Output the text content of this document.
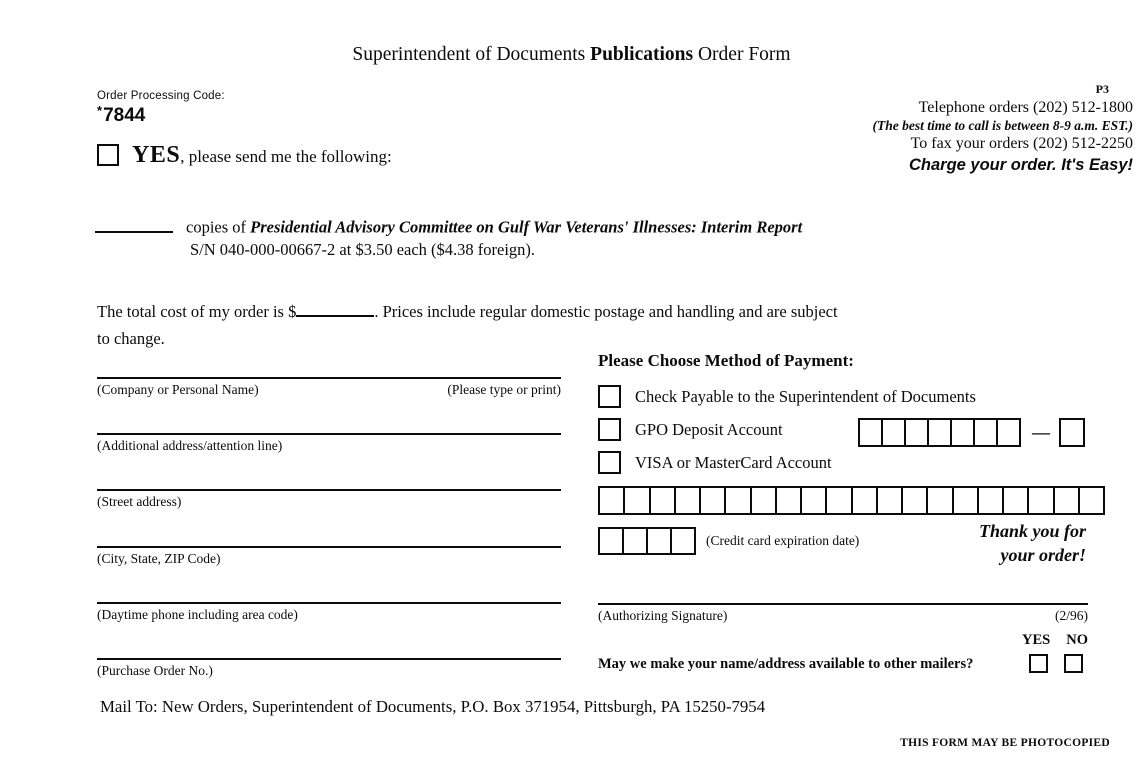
Superintendent of Documents Publications Order Form
Order Processing Code:
*7844
P3
Telephone orders (202) 512-1800
(The best time to call is between 8-9 a.m. EST.)
To fax your orders (202) 512-2250
Charge your order. It's Easy!
YES, please send me the following:
copies of Presidential Advisory Committee on Gulf War Veterans' Illnesses: Interim Report
S/N 040-000-00667-2 at $3.50 each ($4.38 foreign).
The total cost of my order is $	. Prices include regular domestic postage and handling and are subject
to change.
(Company or Personal Name)	(Please type or print)
(Additional address/attention line)
(Street address)
(City, State, ZIP Code)
(Daytime phone including area code)
(Purchase Order No.)
Please Choose Method of Payment:
Check Payable to the Superintendent of Documents
GPO Deposit Account	—
VISA or MasterCard Account
(Credit card expiration date)	Thank you for
your order!
(Authorizing Signature)	(2/96)
YES NO
May we make your name/address available to other mailers?
Mail To: New Orders, Superintendent of Documents, P.O. Box 371954, Pittsburgh, PA 15250-7954
THIS FORM MAY BE PHOTOCOPIED
